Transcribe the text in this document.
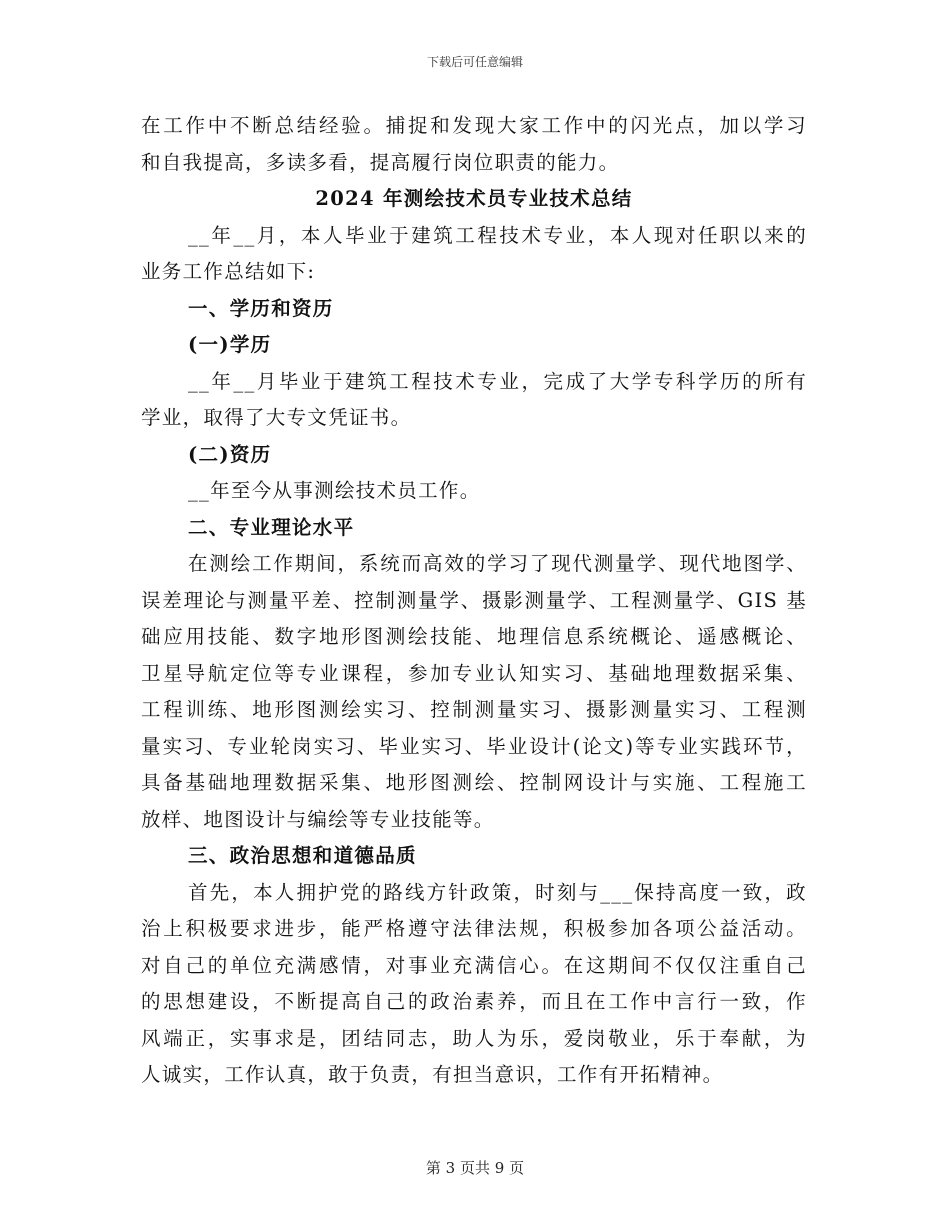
下载后可任意编辑
在工作中不断总结经验。捕捉和发现大家工作中的闪光点，加以学习
和自我提高，多读多看，提高履行岗位职责的能力。
2024 年测绘技术员专业技术总结
__年__月，本人毕业于建筑工程技术专业，本人现对任职以来的
业务工作总结如下:
一、学历和资历
(一)学历
__年__月毕业于建筑工程技术专业，完成了大学专科学历的所有
学业，取得了大专文凭证书。
(二)资历
__年至今从事测绘技术员工作。
二、专业理论水平
在测绘工作期间，系统而高效的学习了现代测量学、现代地图学、
误差理论与测量平差、控制测量学、摄影测量学、工程测量学、GIS 基
础应用技能、数字地形图测绘技能、地理信息系统概论、遥感概论、
卫星导航定位等专业课程，参加专业认知实习、基础地理数据采集、
工程训练、地形图测绘实习、控制测量实习、摄影测量实习、工程测
量实习、专业轮岗实习、毕业实习、毕业设计(论文)等专业实践环节，
具备基础地理数据采集、地形图测绘、控制网设计与实施、工程施工
放样、地图设计与编绘等专业技能等。
三、政治思想和道德品质
首先，本人拥护党的路线方针政策，时刻与___保持高度一致，政
治上积极要求进步，能严格遵守法律法规，积极参加各项公益活动。
对自己的单位充满感情，对事业充满信心。在这期间不仅仅注重自己
的思想建设，不断提高自己的政治素养，而且在工作中言行一致，作
风端正，实事求是，团结同志，助人为乐，爱岗敬业，乐于奉献，为
人诚实，工作认真，敢于负责，有担当意识，工作有开拓精神。
第 3 页共 9 页
